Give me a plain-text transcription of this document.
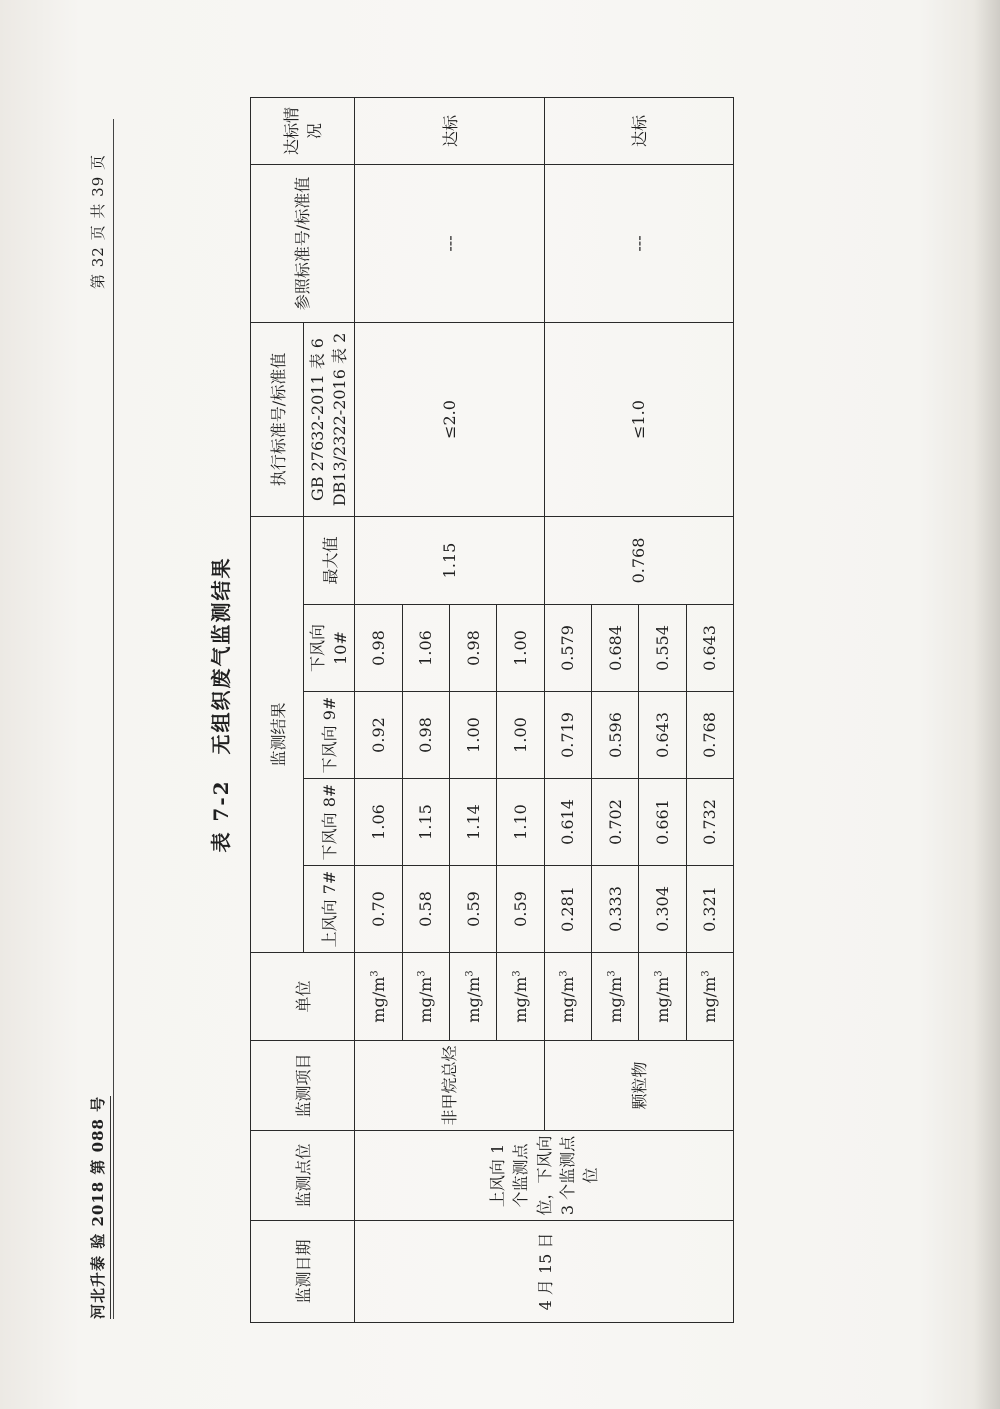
河北升泰 验 2018 第 088 号
第 32 页 共 39 页
表 7-2 无组织废气监测结果
监测日期	监测点位	监测项目	单位	监测结果					执行标准号/标准值	参照标准号/标准值	达标情况
				上风向 7#	下风向 8#	下风向 9#	下风向 10#	最大值	GB 27632-2011 表 6 DB13/2322-2016 表 2		

4 月 15 日	上风向 1 个监测点位，下风向 3 个监测点位	非甲烷总烃	$mg/m^3$	0.70	1.06	0.92	0.98	1.15	≤2.0	---	达标
			$mg/m^3$	0.58	1.15	0.98	1.06				
			$mg/m^3$	0.59	1.14	1.00	0.98				
			$mg/m^3$	0.59	1.10	1.00	1.00				
		颗粒物	$mg/m^3$	0.281	0.614	0.719	0.579	0.768	≤1.0	---	达标
			$mg/m^3$	0.333	0.702	0.596	0.684				
			$mg/m^3$	0.304	0.661	0.643	0.554				
			$mg/m^3$	0.321	0.732	0.768	0.643				
